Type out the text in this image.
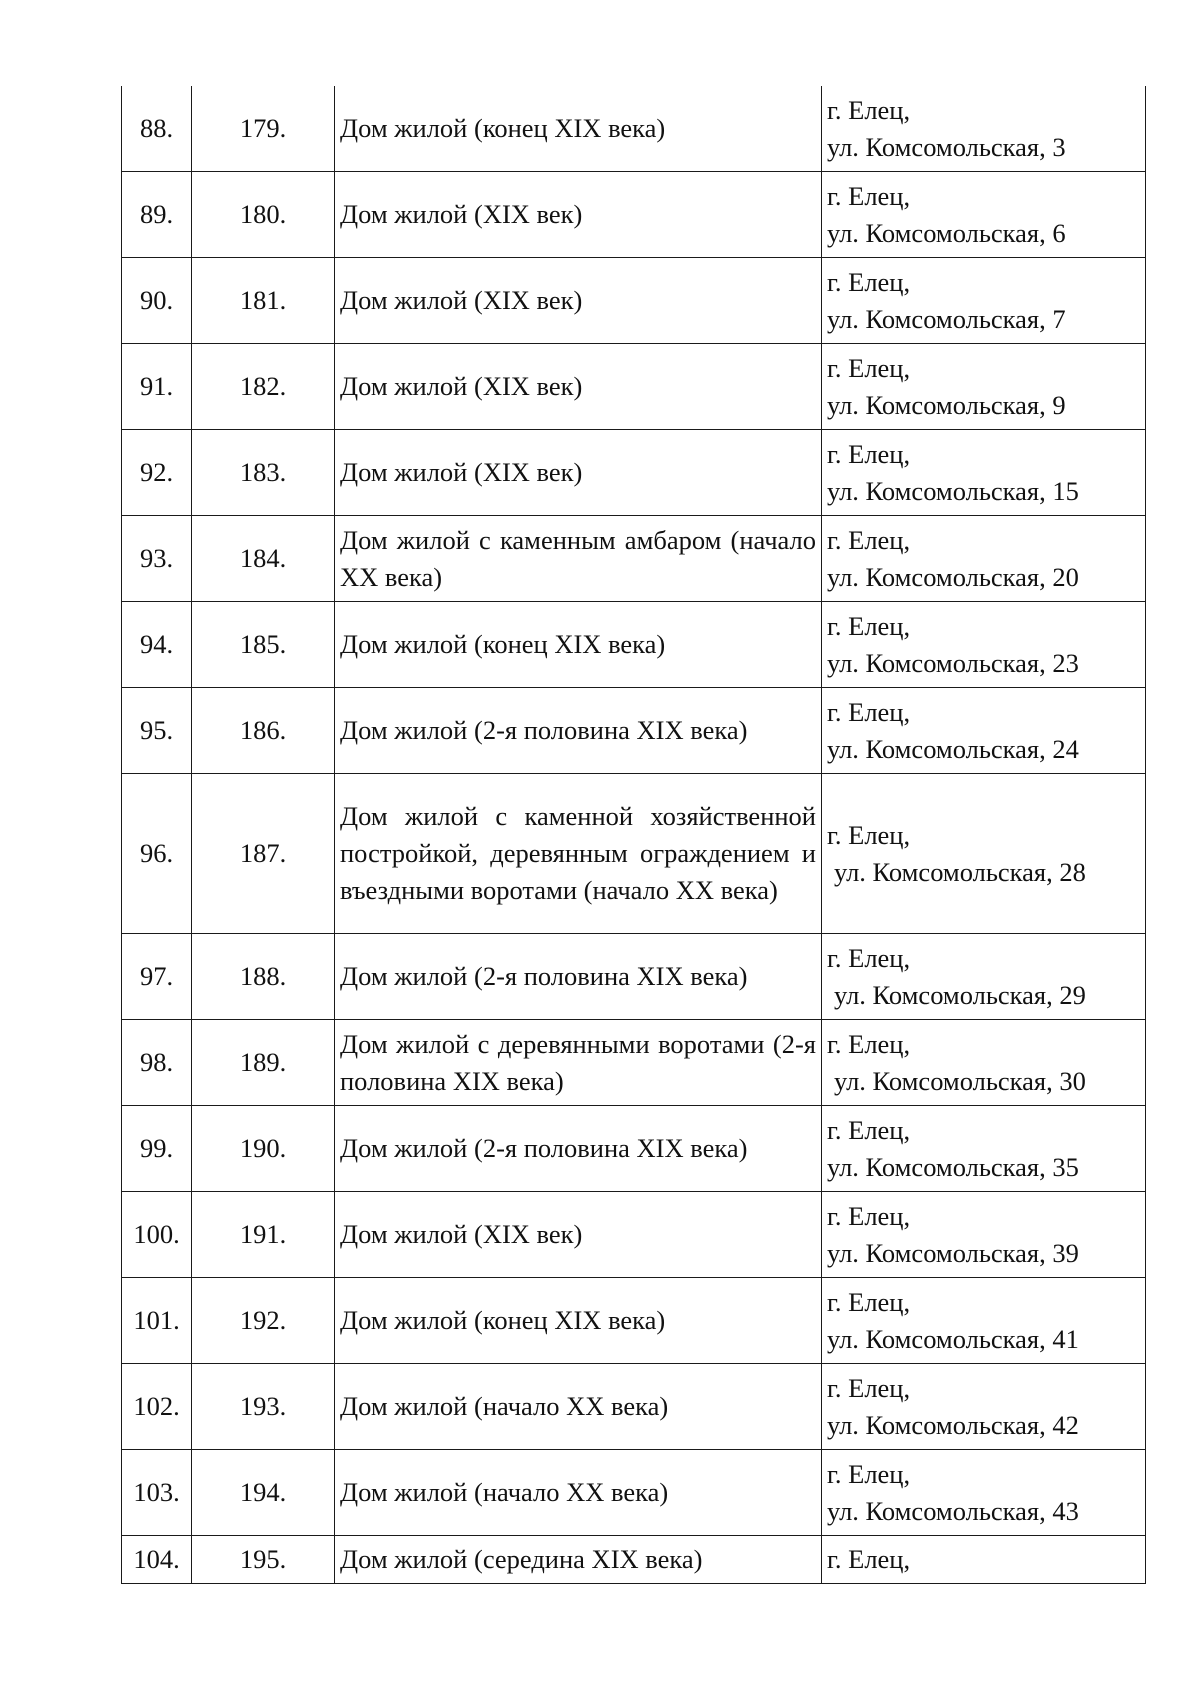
88.	179.	Дом жилой (конец XIX века)	г. Елец,
ул. Комсомольская, 3

89.	180.	Дом жилой (XIX век)	г. Елец,
ул. Комсомольская, 6

90.	181.	Дом жилой (XIX век)	г. Елец,
ул. Комсомольская, 7

91.	182.	Дом жилой (XIX век)	г. Елец,
ул. Комсомольская, 9

92.	183.	Дом жилой (XIX век)	г. Елец,
ул. Комсомольская, 15

93.	184.	Дом жилой с каменным амбаром (начало XX века)	г. Елец,
ул. Комсомольская, 20

94.	185.	Дом жилой (конец XIX века)	г. Елец,
ул. Комсомольская, 23

95.	186.	Дом жилой (2-я половина XIX века)	г. Елец,
ул. Комсомольская, 24

96.	187.	Дом жилой с каменной хозяйственной постройкой, деревянным ограждением и въездными воротами (начало XX века)	г. Елец,
ул. Комсомольская, 28

97.	188.	Дом жилой (2-я половина XIX века)	г. Елец,
ул. Комсомольская, 29

98.	189.	Дом жилой с деревянными воротами (2-я половина XIX века)	г. Елец,
ул. Комсомольская, 30

99.	190.	Дом жилой (2-я половина XIX века)	г. Елец,
ул. Комсомольская, 35

100.	191.	Дом жилой (XIX век)	г. Елец,
ул. Комсомольская, 39

101.	192.	Дом жилой (конец XIX века)	г. Елец,
ул. Комсомольская, 41

102.	193.	Дом жилой (начало XX века)	г. Елец,
ул. Комсомольская, 42

103.	194.	Дом жилой (начало XX века)	г. Елец,
ул. Комсомольская, 43

104.	195.	Дом жилой (середина XIX века)	г. Елец,
